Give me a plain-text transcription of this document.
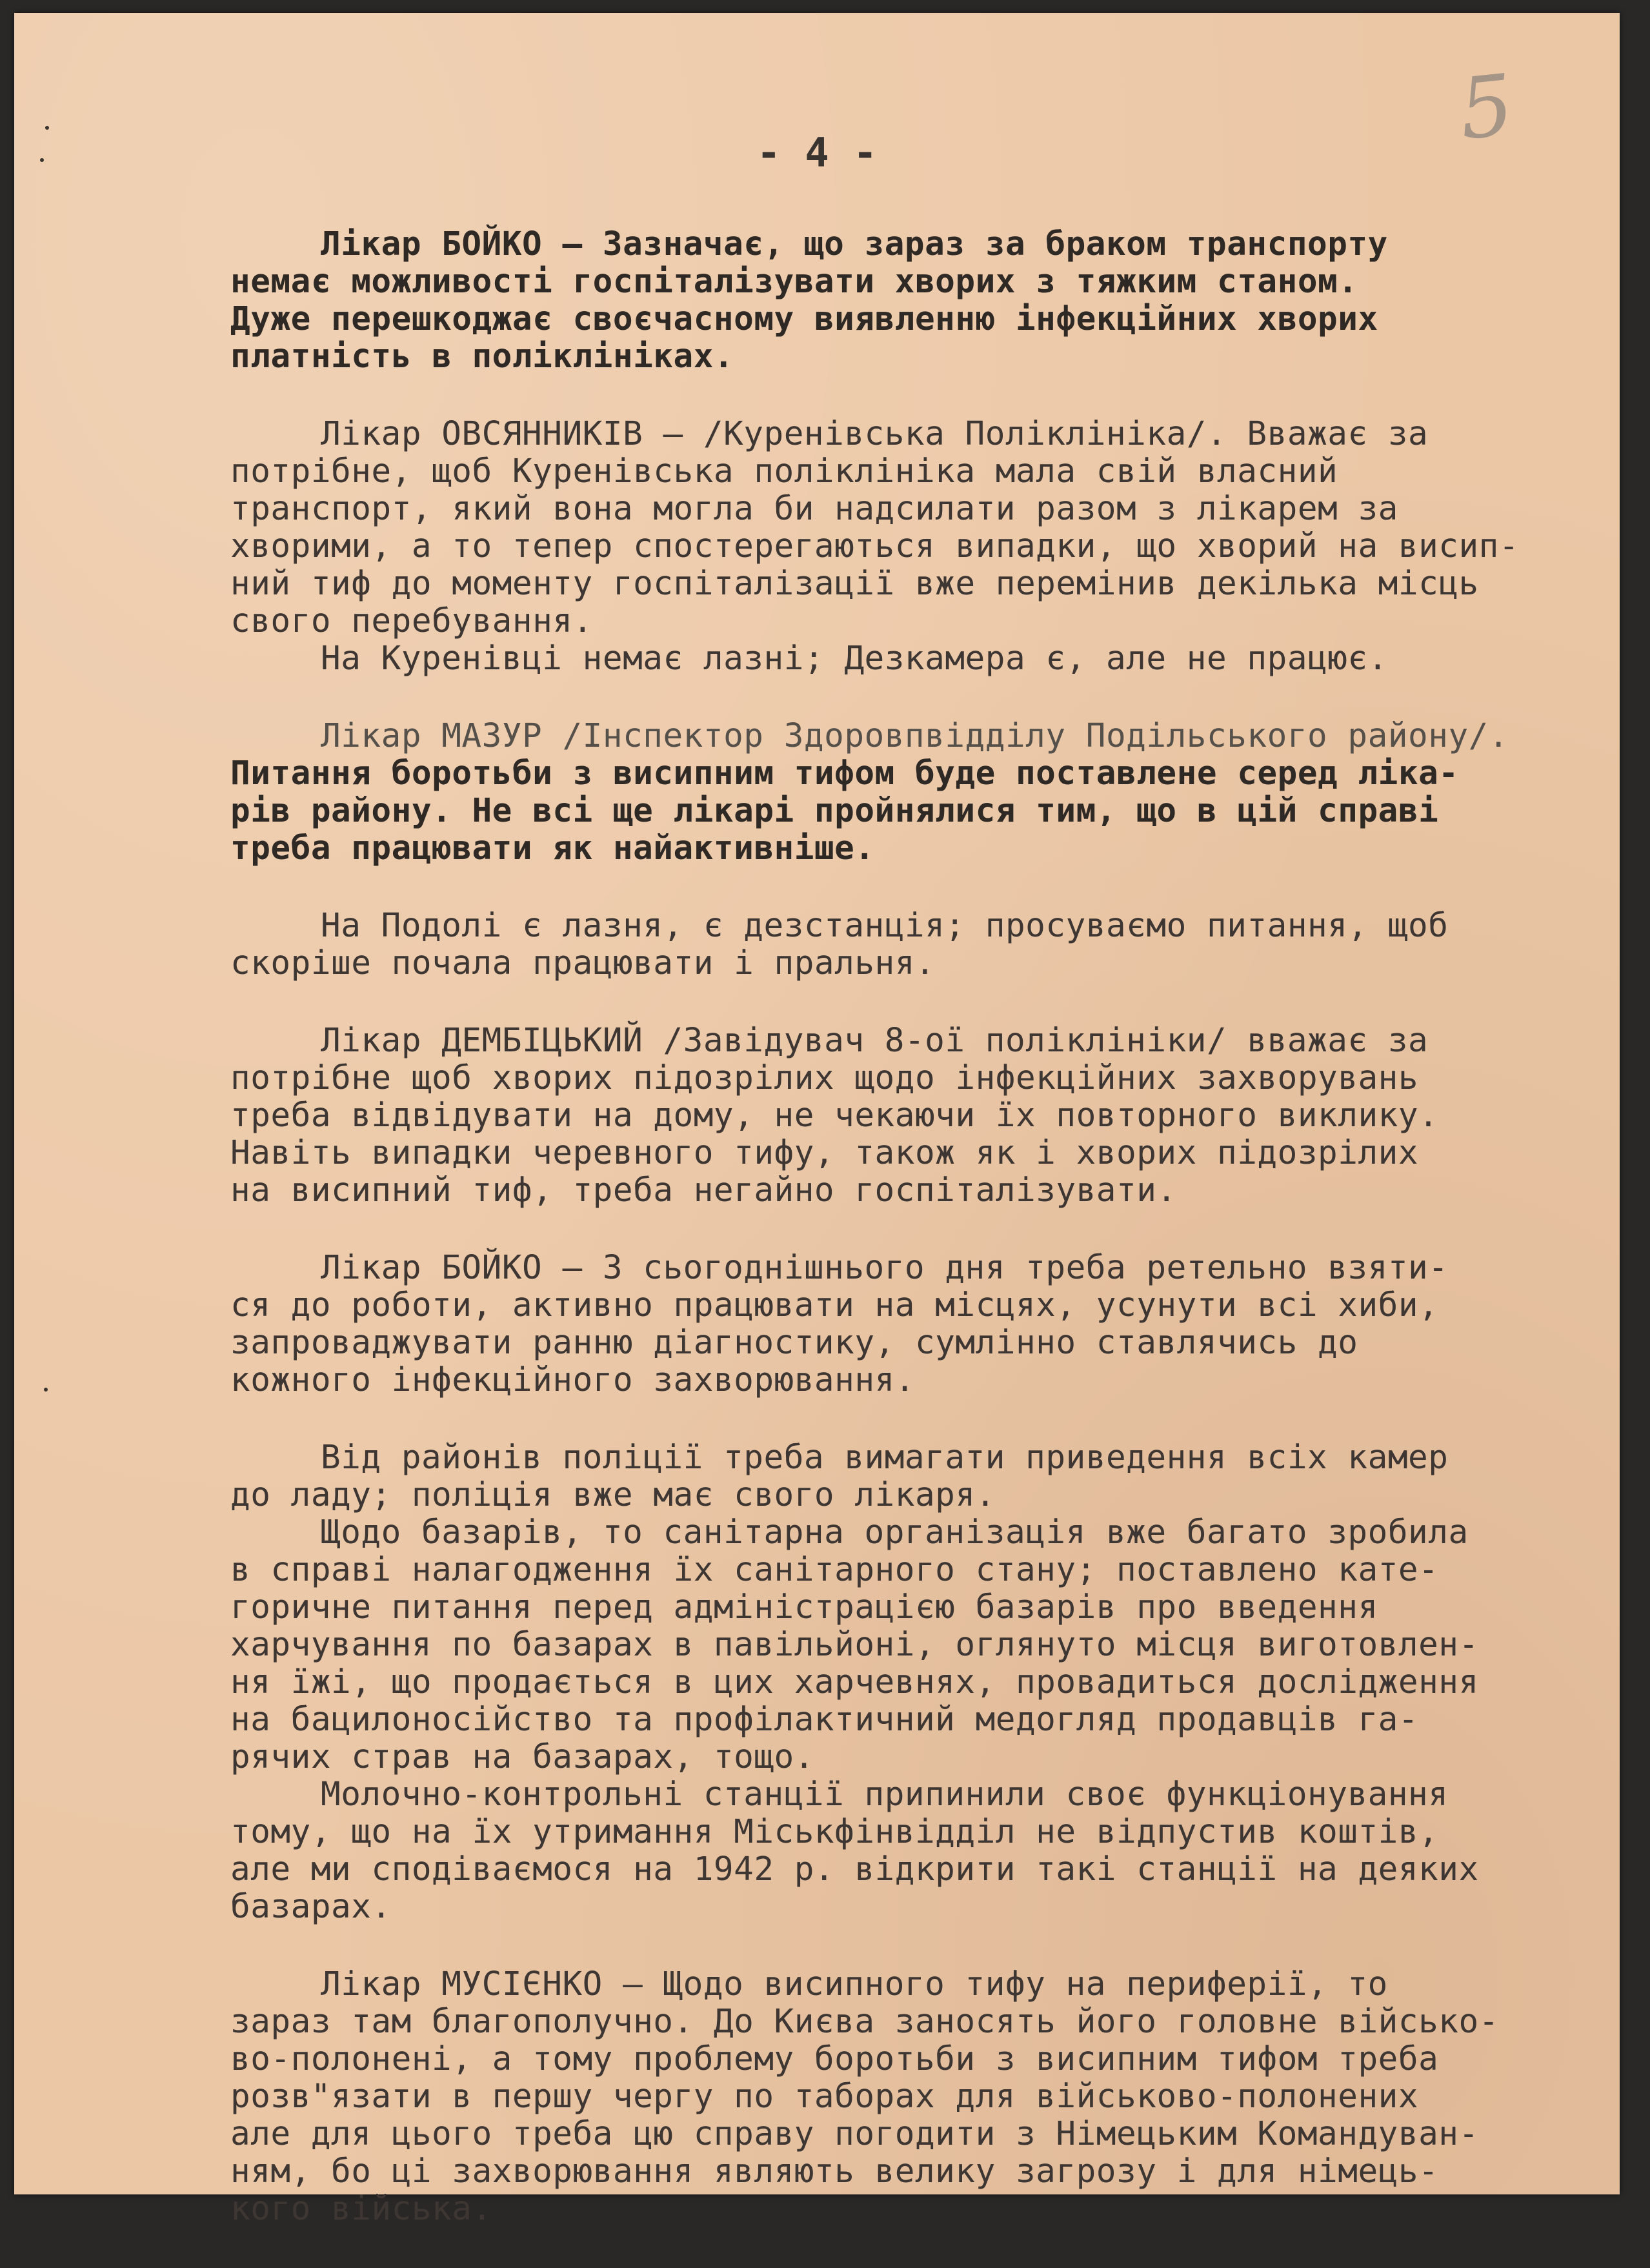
5

- 4 -

Лікар БОЙКО – Зазначає, що зараз за браком транспорту

немає можливості госпіталізувати хворих з тяжким станом.

Дуже перешкоджає своєчасному виявленню інфекційних хворих

платність в поліклініках.

Лікар ОВСЯННИКІВ – /Куренівська Поліклініка/. Вважає за

потрібне, щоб Куренівська поліклініка мала свій власний

транспорт, який вона могла би надсилати разом з лікарем за

хворими, а то тепер спостерегаються випадки, що хворий на висип-

ний тиф до моменту госпіталізації вже перемінив декілька місць

свого перебування.

На Куренівці немає лазні; Дезкамера є, але не працює.

Лікар МАЗУР /Інспектор Здоровпвідділу Подільського району/.

Питання боротьби з висипним тифом буде поставлене серед ліка-

рів району. Не всі ще лікарі пройнялися тим, що в цій справі

треба працювати як найактивніше.

На Подолі є лазня, є дезстанція; просуваємо питання, щоб

скоріше почала працювати і пральня.

Лікар ДЕМБІЦЬКИЙ /Завідувач 8-ої поліклініки/ вважає за

потрібне щоб хворих підозрілих щодо інфекційних захворувань

треба відвідувати на дому, не чекаючи їх повторного виклику.

Навіть випадки черевного тифу, також як і хворих підозрілих

на висипний тиф, треба негайно госпіталізувати.

Лікар БОЙКО – З сьогоднішнього дня треба ретельно взяти-

ся до роботи, активно працювати на місцях, усунути всі хиби,

запроваджувати ранню діагностику, сумлінно ставлячись до

кожного інфекційного захворювання.

Від районів поліції треба вимагати приведення всіх камер

до ладу; поліція вже має свого лікаря.

Щодо базарів, то санітарна організація вже багато зробила

в справі налагодження їх санітарного стану; поставлено кате-

горичне питання перед адміністрацією базарів про введення

харчування по базарах в павільйоні, оглянуто місця виготовлен-

ня їжі, що продається в цих харчевнях, провадиться дослідження

на бацилоносійство та профілактичний медогляд продавців га-

рячих страв на базарах, тощо.

Молочно-контрольні станції припинили своє функціонування

тому, що на їх утримання Міськфінвідділ не відпустив коштів,

але ми сподіваємося на 1942 р. відкрити такі станції на деяких

базарах.

Лікар МУСІЄНКО – Щодо висипного тифу на периферії, то

зараз там благополучно. До Києва заносять його головне військо-

во-полонені, а тому проблему боротьби з висипним тифом треба

розв"язати в першу чергу по таборах для військово-полонених

але для цього треба цю справу погодити з Німецьким Командуван-

ням, бо ці захворювання являють велику загрозу і для німець-

кого війська.
